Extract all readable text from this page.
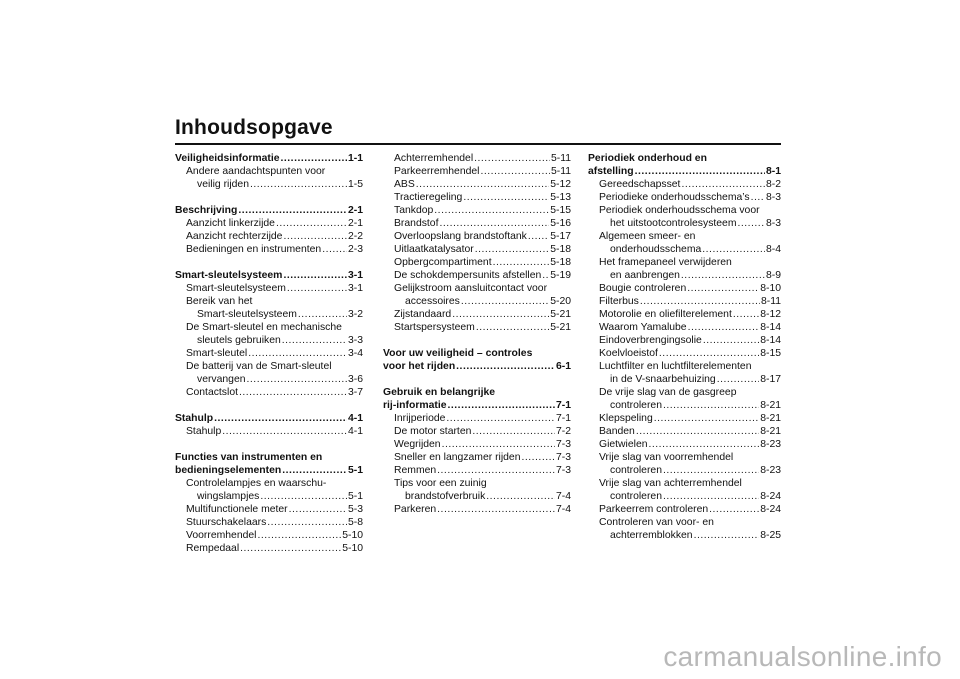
Inhoudsopgave
Veiligheidsinformatie .....	1-1
Andere aandachtspunten voor
veilig rijden .....	1-5
Beschrijving .....	2-1
Aanzicht linkerzijde .....	2-1
Aanzicht rechterzijde .....	2-2
Bedieningen en instrumenten .....	2-3
Smart-sleutelsysteem .....	3-1
Smart-sleutelsysteem .....	3-1
Bereik van het
Smart-sleutelsysteem .....	3-2
De Smart-sleutel en mechanische
sleutels gebruiken .....	3-3
Smart-sleutel .....	3-4
De batterij van de Smart-sleutel
vervangen .....	3-6
Contactslot .....	3-7
Stahulp .....	4-1
Stahulp .....	4-1
Functies van instrumenten en
bedieningselementen .....	5-1
Controlelampjes en waarschu-
wingslampjes .....	5-1
Multifunctionele meter .....	5-3
Stuurschakelaars .....	5-8
Voorremhendel .....	5-10
Rempedaal .....	5-10
Achterremhendel .....	5-11
Parkeerremhendel .....	5-11
ABS .....	5-12
Tractieregeling .....	5-13
Tankdop .....	5-15
Brandstof .....	5-16
Overloopslang brandstoftank ..... 5-17
Uitlaatkatalysator .....	5-18
Opbergcompartiment .....	5-18
De schokdempersunits afstellen ..... 5-19
Gelijkstroom aansluitcontact voor
accessoires .....	5-20
Zijstandaard .....	5-21
Startspersysteem .....	5-21
Voor uw veiligheid – controles
voor het rijden .....	6-1
Gebruik en belangrijke
rij-informatie .....	7-1
Inrijperiode .....	7-1
De motor starten .....	7-2
Wegrijden .....	7-3
Sneller en langzamer rijden .....	7-3
Remmen .....	7-3
Tips voor een zuinig
brandstofverbruik .....	7-4
Parkeren .....	7-4
Periodiek onderhoud en
afstelling .....	8-1
Gereedschapsset .....	8-2
Periodieke onderhoudsschema’s ..... 8-3
Periodiek onderhoudsschema voor
het uitstootcontrolesysteem .....	8-3
Algemeen smeer- en
onderhoudsschema .....	8-4
Het framepaneel verwijderen
en aanbrengen .....	8-9
Bougie controleren .....	8-10
Filterbus .....	8-11
Motorolie en oliefilterelement .....	8-12
Waarom Yamalube .....	8-14
Eindoverbrengingsolie .....	8-14
Koelvloeistof .....	8-15
Luchtfilter en luchtfilterelementen
in de V-snaarbehuizing .....	8-17
De vrije slag van de gasgreep
controleren .....	8-21
Klepspeling .....	8-21
Banden .....	8-21
Gietwielen .....	8-23
Vrije slag van voorremhendel
controleren .....	8-23
Vrije slag van achterremhendel
controleren .....	8-24
Parkeerrem controleren .....	8-24
Controleren van voor- en
achterremblokken .....	8-25
carmanualsonline.info
